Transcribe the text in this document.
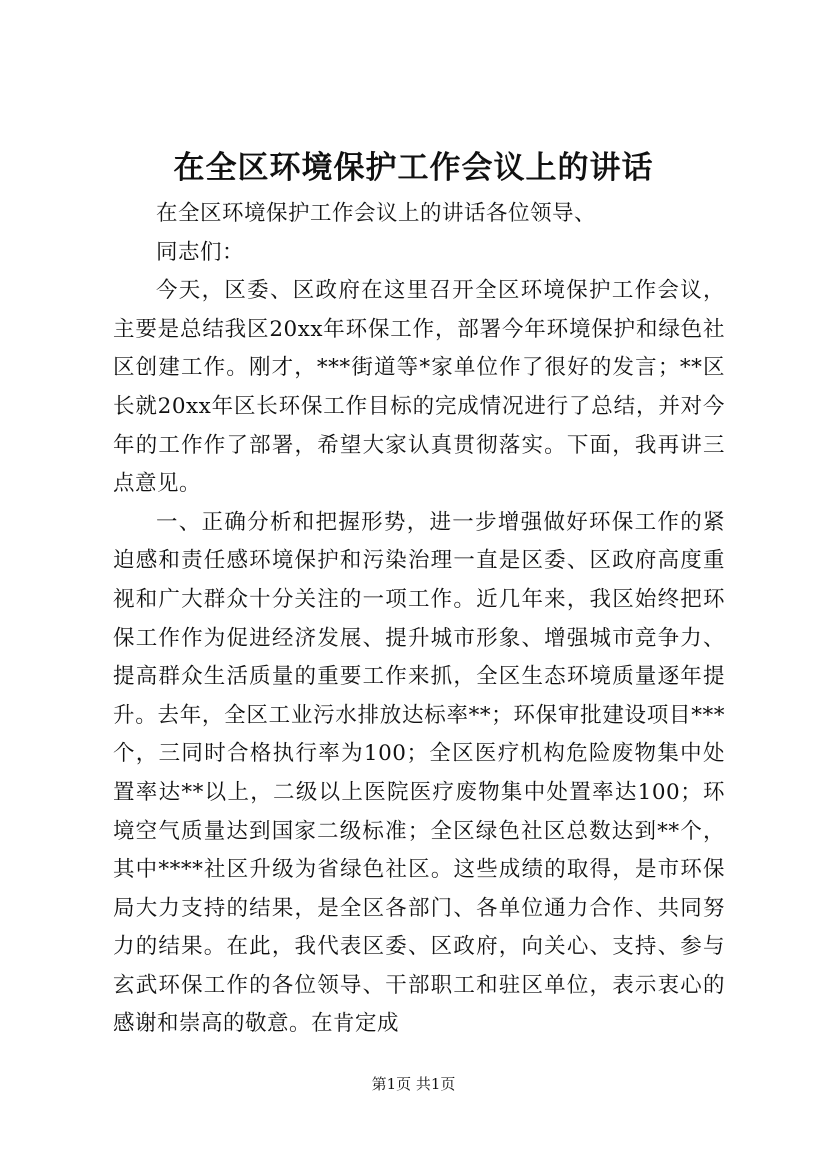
在全区环境保护工作会议上的讲话

在全区环境保护工作会议上的讲话各位领导、

同志们：

今天，区委、区政府在这里召开全区环境保护工作会议，主要是总结我区20xx年环保工作，部署今年环境保护和绿色社区创建工作。刚才，***街道等*家单位作了很好的发言；**区长就20xx年区长环保工作目标的完成情况进行了总结，并对今年的工作作了部署，希望大家认真贯彻落实。下面，我再讲三点意见。

一、正确分析和把握形势，进一步增强做好环保工作的紧迫感和责任感环境保护和污染治理一直是区委、区政府高度重视和广大群众十分关注的一项工作。近几年来，我区始终把环保工作作为促进经济发展、提升城市形象、增强城市竞争力、提高群众生活质量的重要工作来抓，全区生态环境质量逐年提升。去年，全区工业污水排放达标率**；环保审批建设项目***个，三同时合格执行率为100；全区医疗机构危险废物集中处置率达**以上，二级以上医院医疗废物集中处置率达100；环境空气质量达到国家二级标准；全区绿色社区总数达到**个，其中****社区升级为省绿色社区。这些成绩的取得，是市环保局大力支持的结果，是全区各部门、各单位通力合作、共同努力的结果。在此，我代表区委、区政府，向关心、支持、参与玄武环保工作的各位领导、干部职工和驻区单位，表示衷心的感谢和崇高的敬意。在肯定成

第1页 共1页
